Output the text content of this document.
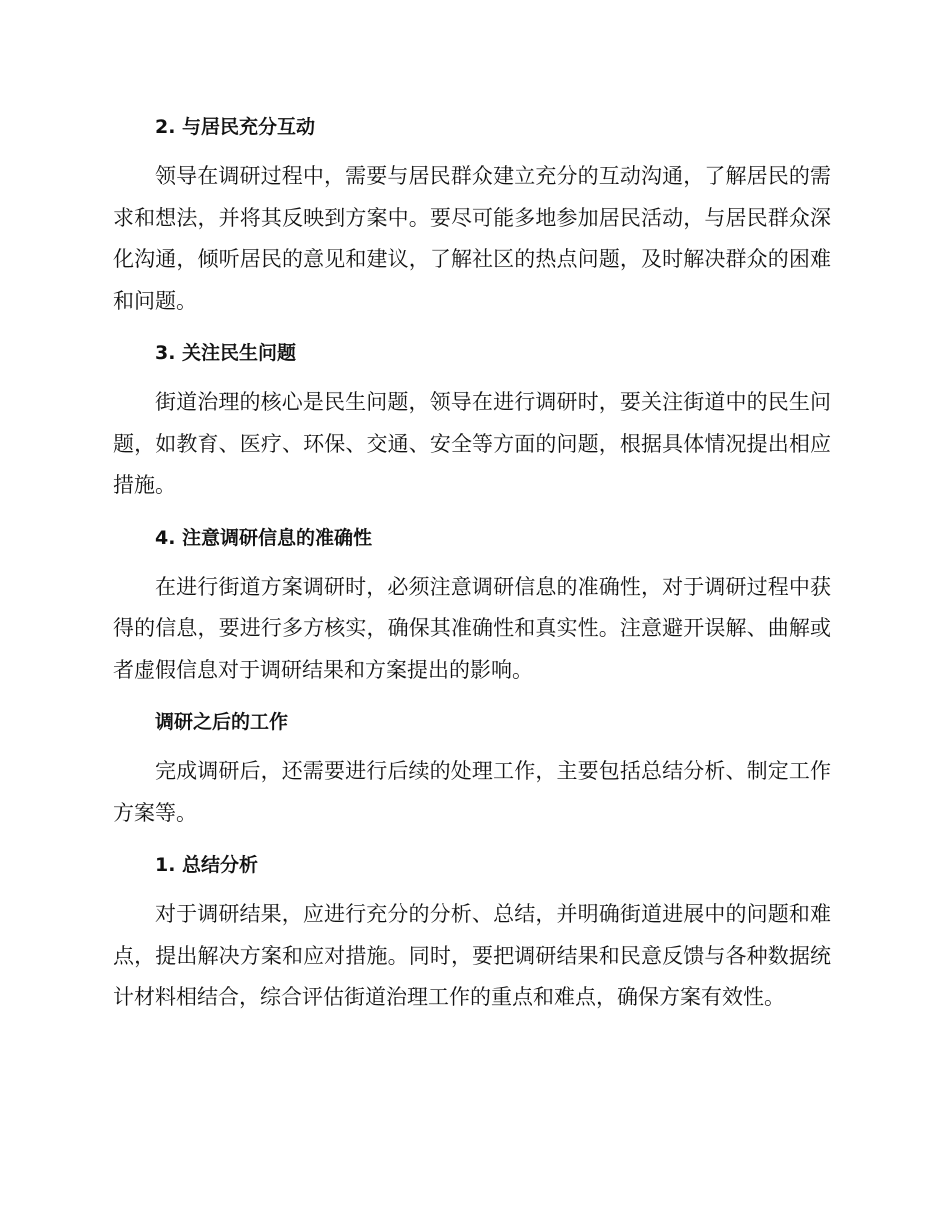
2. 与居民充分互动

领导在调研过程中，需要与居民群众建立充分的互动沟通，了解居民的需求和想法，并将其反映到方案中。要尽可能多地参加居民活动，与居民群众深化沟通，倾听居民的意见和建议，了解社区的热点问题，及时解决群众的困难和问题。

3. 关注民生问题

街道治理的核心是民生问题，领导在进行调研时，要关注街道中的民生问题，如教育、医疗、环保、交通、安全等方面的问题，根据具体情况提出相应措施。

4. 注意调研信息的准确性

在进行街道方案调研时，必须注意调研信息的准确性，对于调研过程中获得的信息，要进行多方核实，确保其准确性和真实性。注意避开误解、曲解或者虚假信息对于调研结果和方案提出的影响。

调研之后的工作

完成调研后，还需要进行后续的处理工作，主要包括总结分析、制定工作方案等。

1. 总结分析

对于调研结果，应进行充分的分析、总结，并明确街道进展中的问题和难点，提出解决方案和应对措施。同时，要把调研结果和民意反馈与各种数据统计材料相结合，综合评估街道治理工作的重点和难点，确保方案有效性。
